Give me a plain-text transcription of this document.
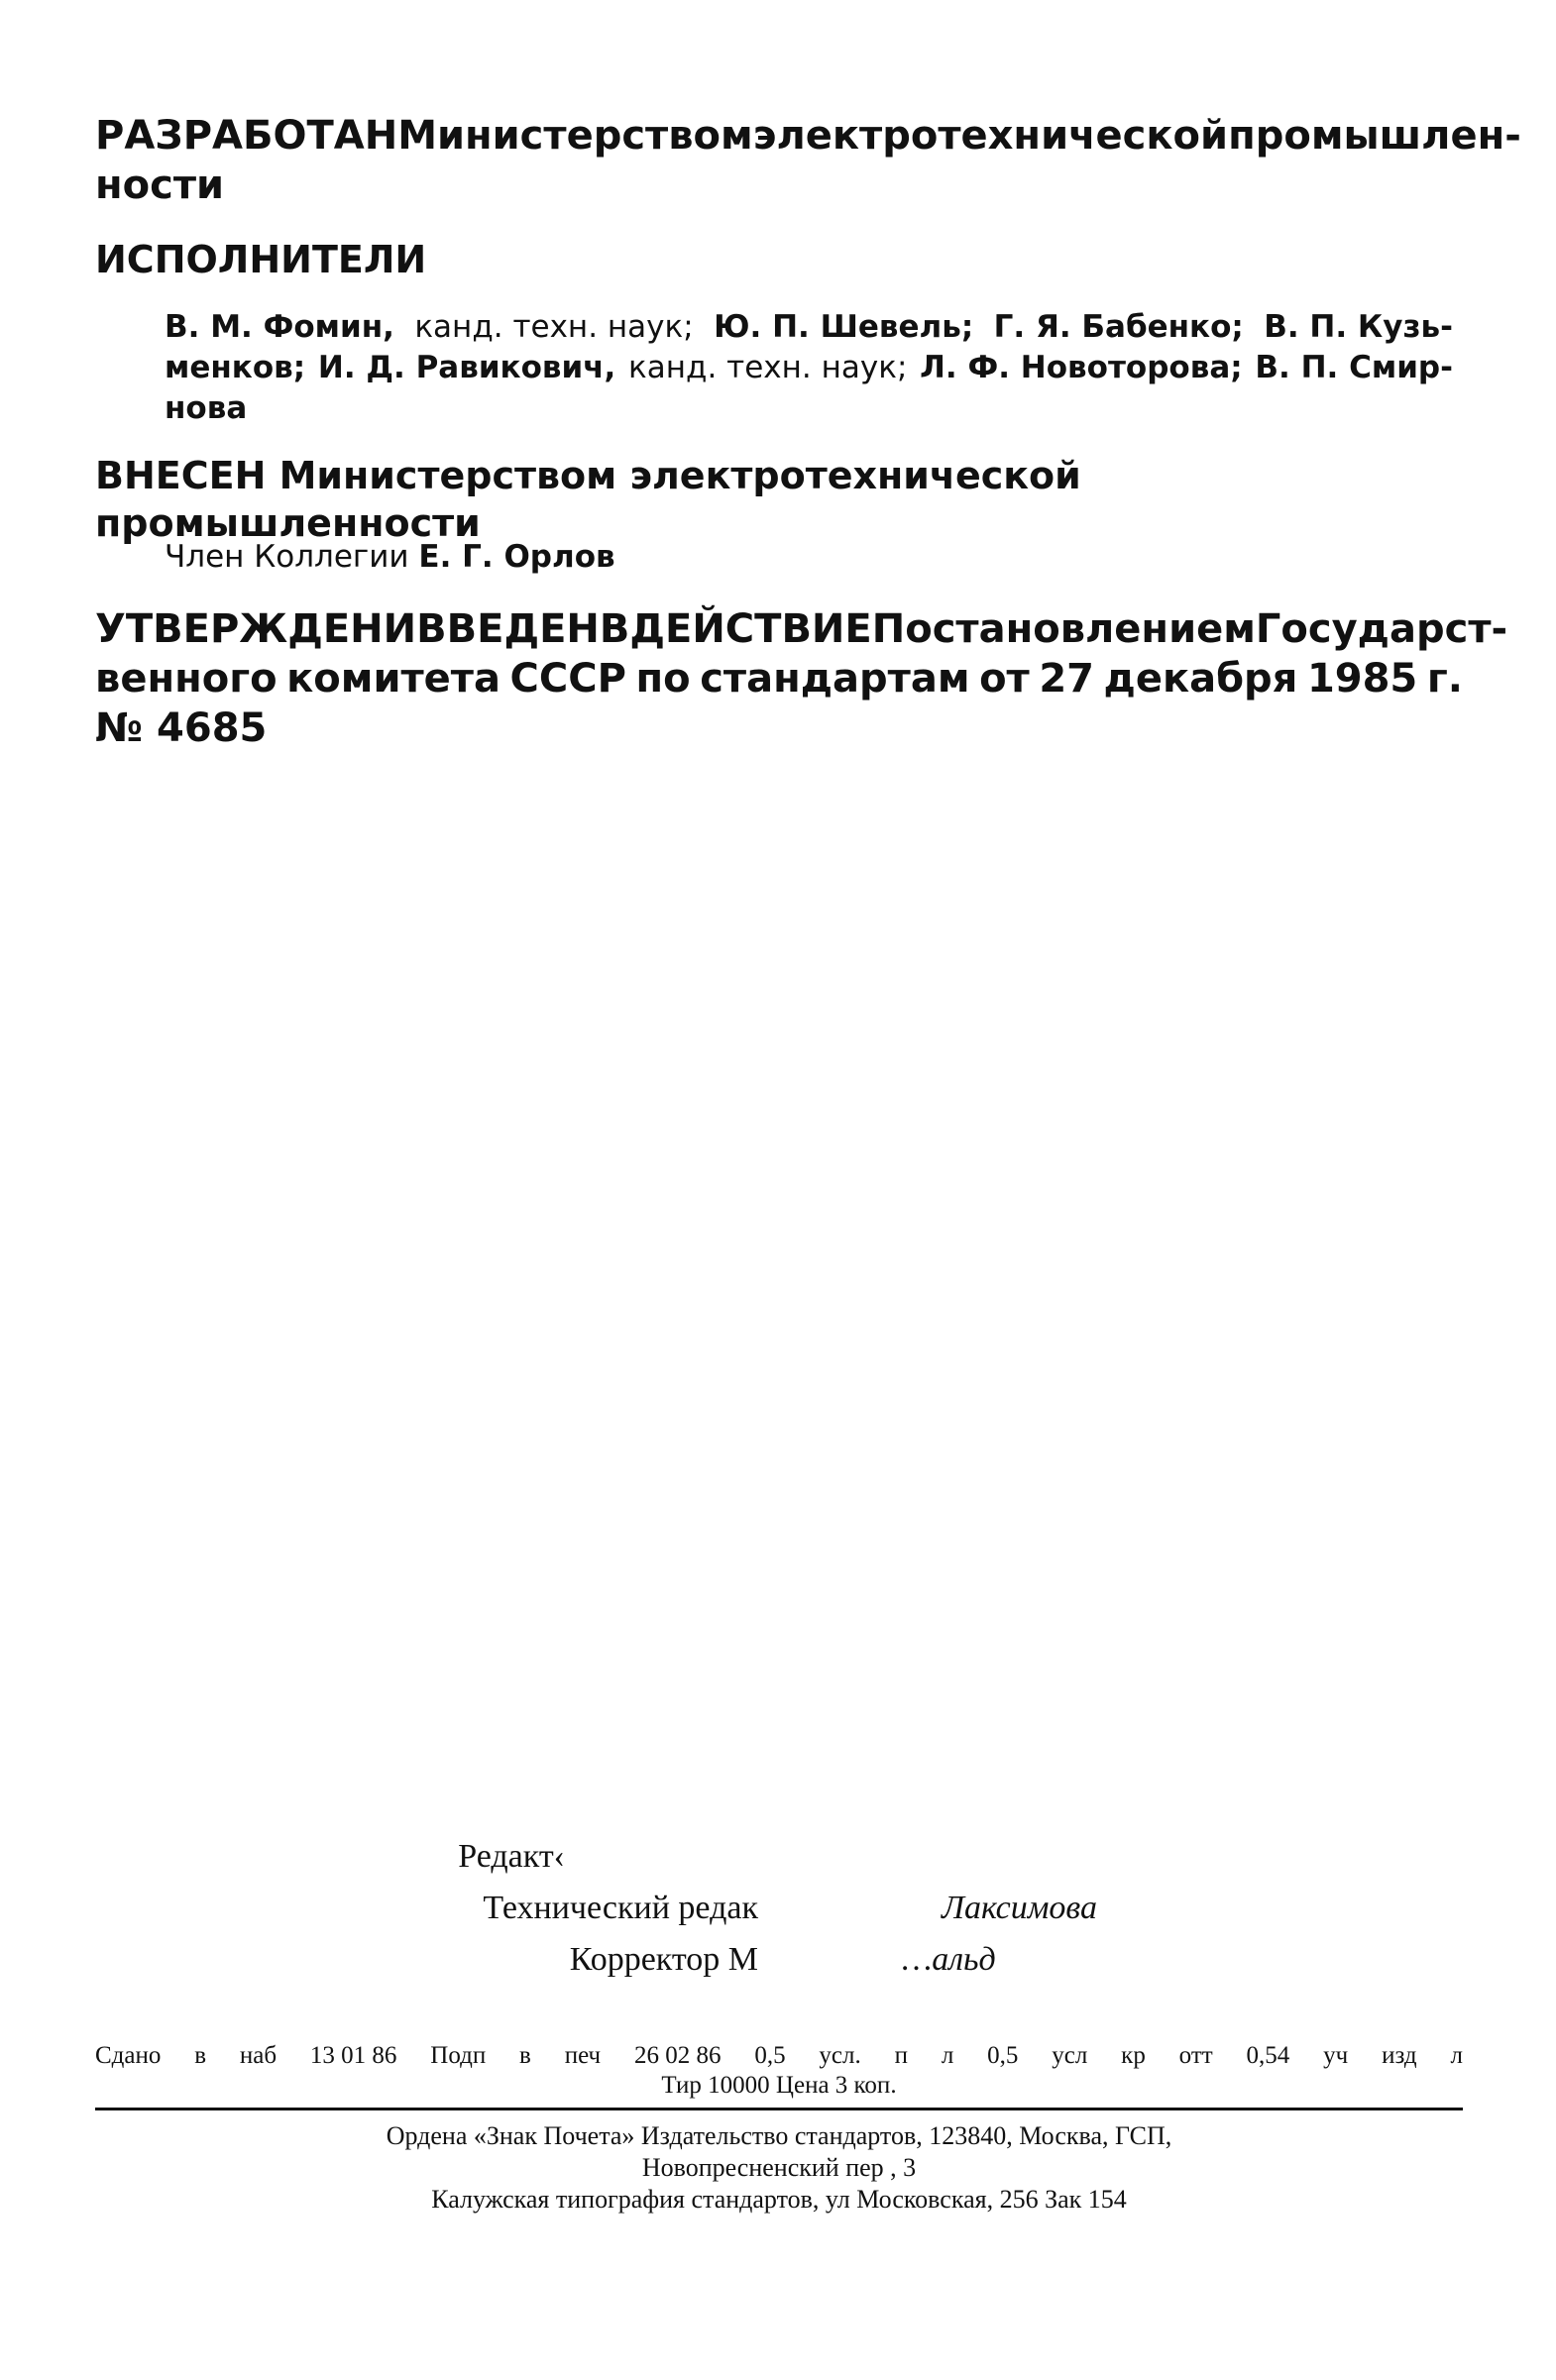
РАЗРАБОТАН Министерством электротехнической промышлен-
ности
ИСПОЛНИТЕЛИ
В. М. Фомин, канд. техн. наук; Ю. П. Шевель; Г. Я. Бабенко; В. П. Кузь-
менков; И. Д. Равикович, канд. техн. наук; Л. Ф. Новоторова; В. П. Смир-
нова
ВНЕСЕН Министерством электротехнической промышленности
Член Коллегии Е. Г. Орлов
УТВЕРЖДЕН И ВВЕДЕН В ДЕЙСТВИЕ Постановлением Государст-
венного комитета СССР по стандартам от 27 декабря 1985 г.
№ 4685
Редакт‹
Технический редак	Лаксимова
Корректор М	…альд
Сдано в наб 13 01 86 Подп в печ 26 02 86 0,5 усл. п л 0,5 усл кр отт 0,54 уч изд л
Тир 10000 Цена 3 коп.
Ордена «Знак Почета» Издательство стандартов, 123840, Москва, ГСП,
Новопресненский пер , 3
Калужская типография стандартов, ул Московская, 256 Зак 154
